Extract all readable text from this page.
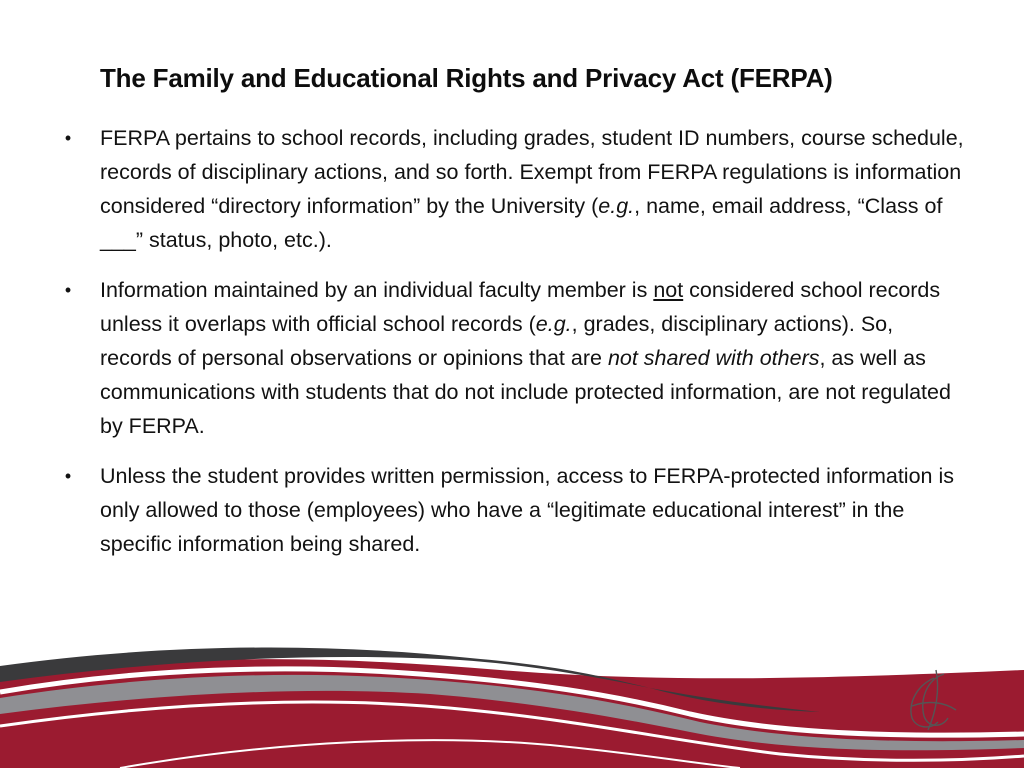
The Family and Educational Rights and Privacy Act (FERPA)
• FERPA pertains to school records, including grades, student ID numbers, course schedule, records of disciplinary actions, and so forth. Exempt from FERPA regulations is information considered “directory information” by the University (e.g., name, email address, “Class of ___” status, photo, etc.).
• Information maintained by an individual faculty member is not considered school records unless it overlaps with official school records (e.g., grades, disciplinary actions). So, records of personal observations or opinions that are not shared with others, as well as communications with students that do not include protected information, are not regulated by FERPA.
• Unless the student provides written permission, access to FERPA-protected information is only allowed to those (employees) who have a “legitimate educational interest” in the specific information being shared.
